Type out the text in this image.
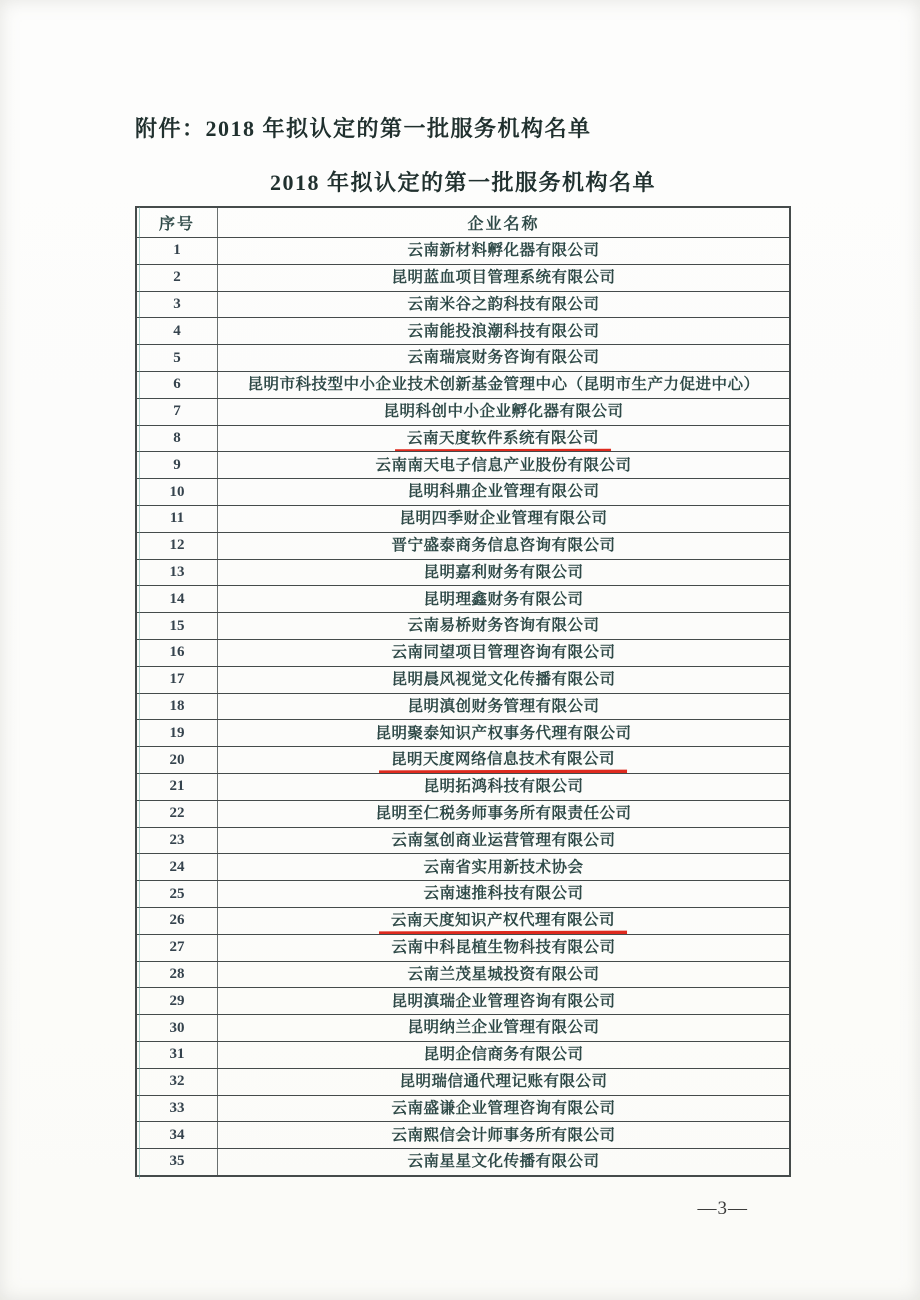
附件：2018 年拟认定的第一批服务机构名单
2018 年拟认定的第一批服务机构名单
序号	企业名称
1	云南新材料孵化器有限公司
2	昆明蓝血项目管理系统有限公司
3	云南米谷之韵科技有限公司
4	云南能投浪潮科技有限公司
5	云南瑞宸财务咨询有限公司
6	昆明市科技型中小企业技术创新基金管理中心（昆明市生产力促进中心）
7	昆明科创中小企业孵化器有限公司
8	云南天度软件系统有限公司
9	云南南天电子信息产业股份有限公司
10	昆明科鼎企业管理有限公司
11	昆明四季财企业管理有限公司
12	晋宁盛泰商务信息咨询有限公司
13	昆明嘉利财务有限公司
14	昆明理鑫财务有限公司
15	云南易桥财务咨询有限公司
16	云南同望项目管理咨询有限公司
17	昆明晨风视觉文化传播有限公司
18	昆明滇创财务管理有限公司
19	昆明聚泰知识产权事务代理有限公司
20	昆明天度网络信息技术有限公司
21	昆明拓鸿科技有限公司
22	昆明至仁税务师事务所有限责任公司
23	云南氢创商业运营管理有限公司
24	云南省实用新技术协会
25	云南速推科技有限公司
26	云南天度知识产权代理有限公司
27	云南中科昆植生物科技有限公司
28	云南兰茂星城投资有限公司
29	昆明滇瑞企业管理咨询有限公司
30	昆明纳兰企业管理有限公司
31	昆明企信商务有限公司
32	昆明瑞信通代理记账有限公司
33	云南盛谦企业管理咨询有限公司
34	云南熙信会计师事务所有限公司
35	云南星星文化传播有限公司
—3—
